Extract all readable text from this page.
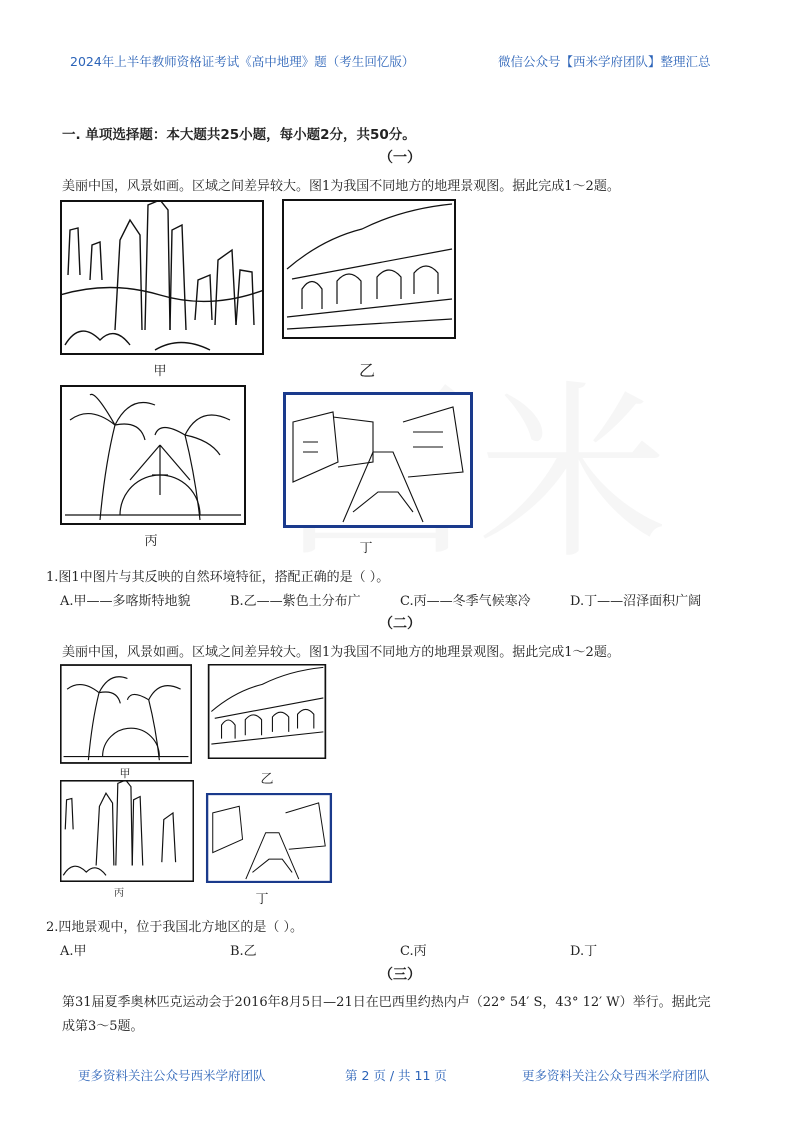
2024年上半年教师资格证考试《高中地理》题（考生回忆版）	微信公众号【西米学府团队】整理汇总
一. 单项选择题：本大题共25小题，每小题2分，共50分。
（一）
美丽中国，风景如画。区域之间差异较大。图1为我国不同地方的地理景观图。据此完成1～2题。
甲	乙
丙	丁
1.图1中图片与其反映的自然环境特征，搭配正确的是（ ）。
A.甲——多喀斯特地貌	B.乙——紫色土分布广	C.丙——冬季气候寒冷	D.丁——沼泽面积广阔
（二）
美丽中国，风景如画。区域之间差异较大。图1为我国不同地方的地理景观图。据此完成1～2题。
甲	乙
丙	丁
2.四地景观中，位于我国北方地区的是（ ）。
A.甲	B.乙	C.丙	D.丁
（三）
第31届夏季奥林匹克运动会于2016年8月5日—21日在巴西里约热内卢（22° 54′ S，43° 12′ W）举行。据此完
成第3～5题。
更多资料关注公众号西米学府团队	第 2 页 / 共 11 页	更多资料关注公众号西米学府团队
